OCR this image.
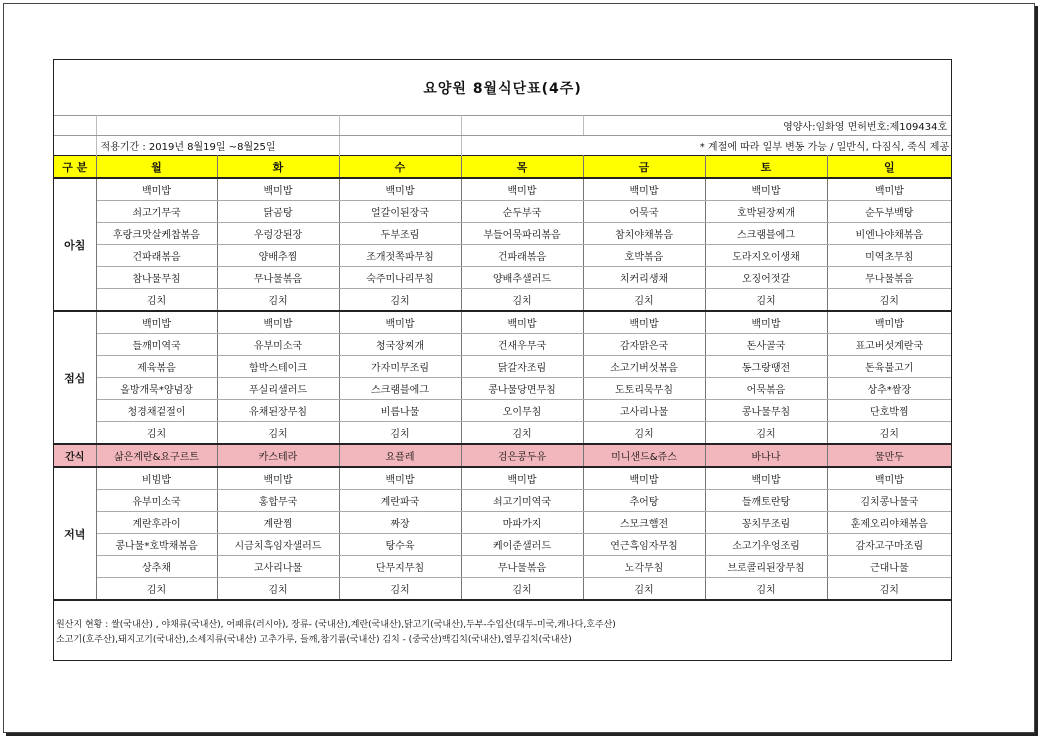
요양원 8월식단표(4주)							
					영양사:임화영 면허번호:제109434호		
	적용기간 : 2019년 8월19일 ~8월25일			* 계절에 따라 일부 변동 가능 / 일반식, 다짐식, 죽식 제공			
구 분	월	화	수	목	금	토	일
아침	백미밥	백미밥	백미밥	백미밥	백미밥	백미밥	백미밥
	쇠고기무국	닭곰탕	얼갈이된장국	순두부국	어묵국	호박된장찌개	순두부백탕
	후랑크맛살케찹볶음	우렁강된장	두부조림	부들어묵파리볶음	참치야채볶음	스크램블에그	비엔나야채볶음
	건파래볶음	양배추찜	조개젓쪽파무침	건파래볶음	호박볶음	도라지오이생채	미역초무침
	참나물무침	무나물볶음	숙주미나리무침	양배추샐러드	치커리생채	오징어젓갈	무나물볶음
	김치	김치	김치	김치	김치	김치	김치
점심	백미밥	백미밥	백미밥	백미밥	백미밥	백미밥	백미밥
	들깨미역국	유부미소국	청국장찌개	건새우무국	감자맑은국	돈사골국	표고버섯계란국
	제육볶음	함박스테이크	가자미무조림	닭갈자조림	소고기버섯볶음	동그랑땡전	돈육불고기
	올방개묵*양념장	푸실리샐러드	스크램블에그	콩나물당면무침	도토리묵무침	어묵볶음	상추*쌈장
	청경채겉절이	유채된장무침	비름나물	오이무침	고사리나물	콩나물무침	단호박찜
	김치	김치	김치	김치	김치	김치	김치
간식	삶은계란&요구르트	카스테라	요플레	검은콩두유	미니샌드&쥬스	바나나	물만두
저녁	비빔밥	백미밥	백미밥	백미밥	백미밥	백미밥	백미밥
	유부미소국	홍합무국	계란파국	쇠고기미역국	추어탕	들깨토란탕	김치콩나물국
	계란후라이	계란찜	짜장	마파가지	스모크햄전	꽁치무조림	훈제오리야채볶음
	콩나물*호박채볶음	시금치흑임자샐러드	탕수육	케이준샐러드	연근흑임자무침	소고기우엉조림	감자고구마조림
	상추채	고사리나물	단무지무침	무나물볶음	노각무침	브로콜리된장무침	근대나물
	김치	김치	김치	김치	김치	김치	김치
원산지 현황 : 쌀(국내산) , 야채류(국내산), 어패류(러시아), 장류- (국내산),계란(국내산),닭고기(국내산),두부-수입산(대두-미국,캐나다,호주산)
소고기(호주산),돼지고기(국내산),소세지류(국내산) 고추가루, 들깨,참기름(국내산) 김치 - (중국산)백김치(국내산),열무김치(국내산)
